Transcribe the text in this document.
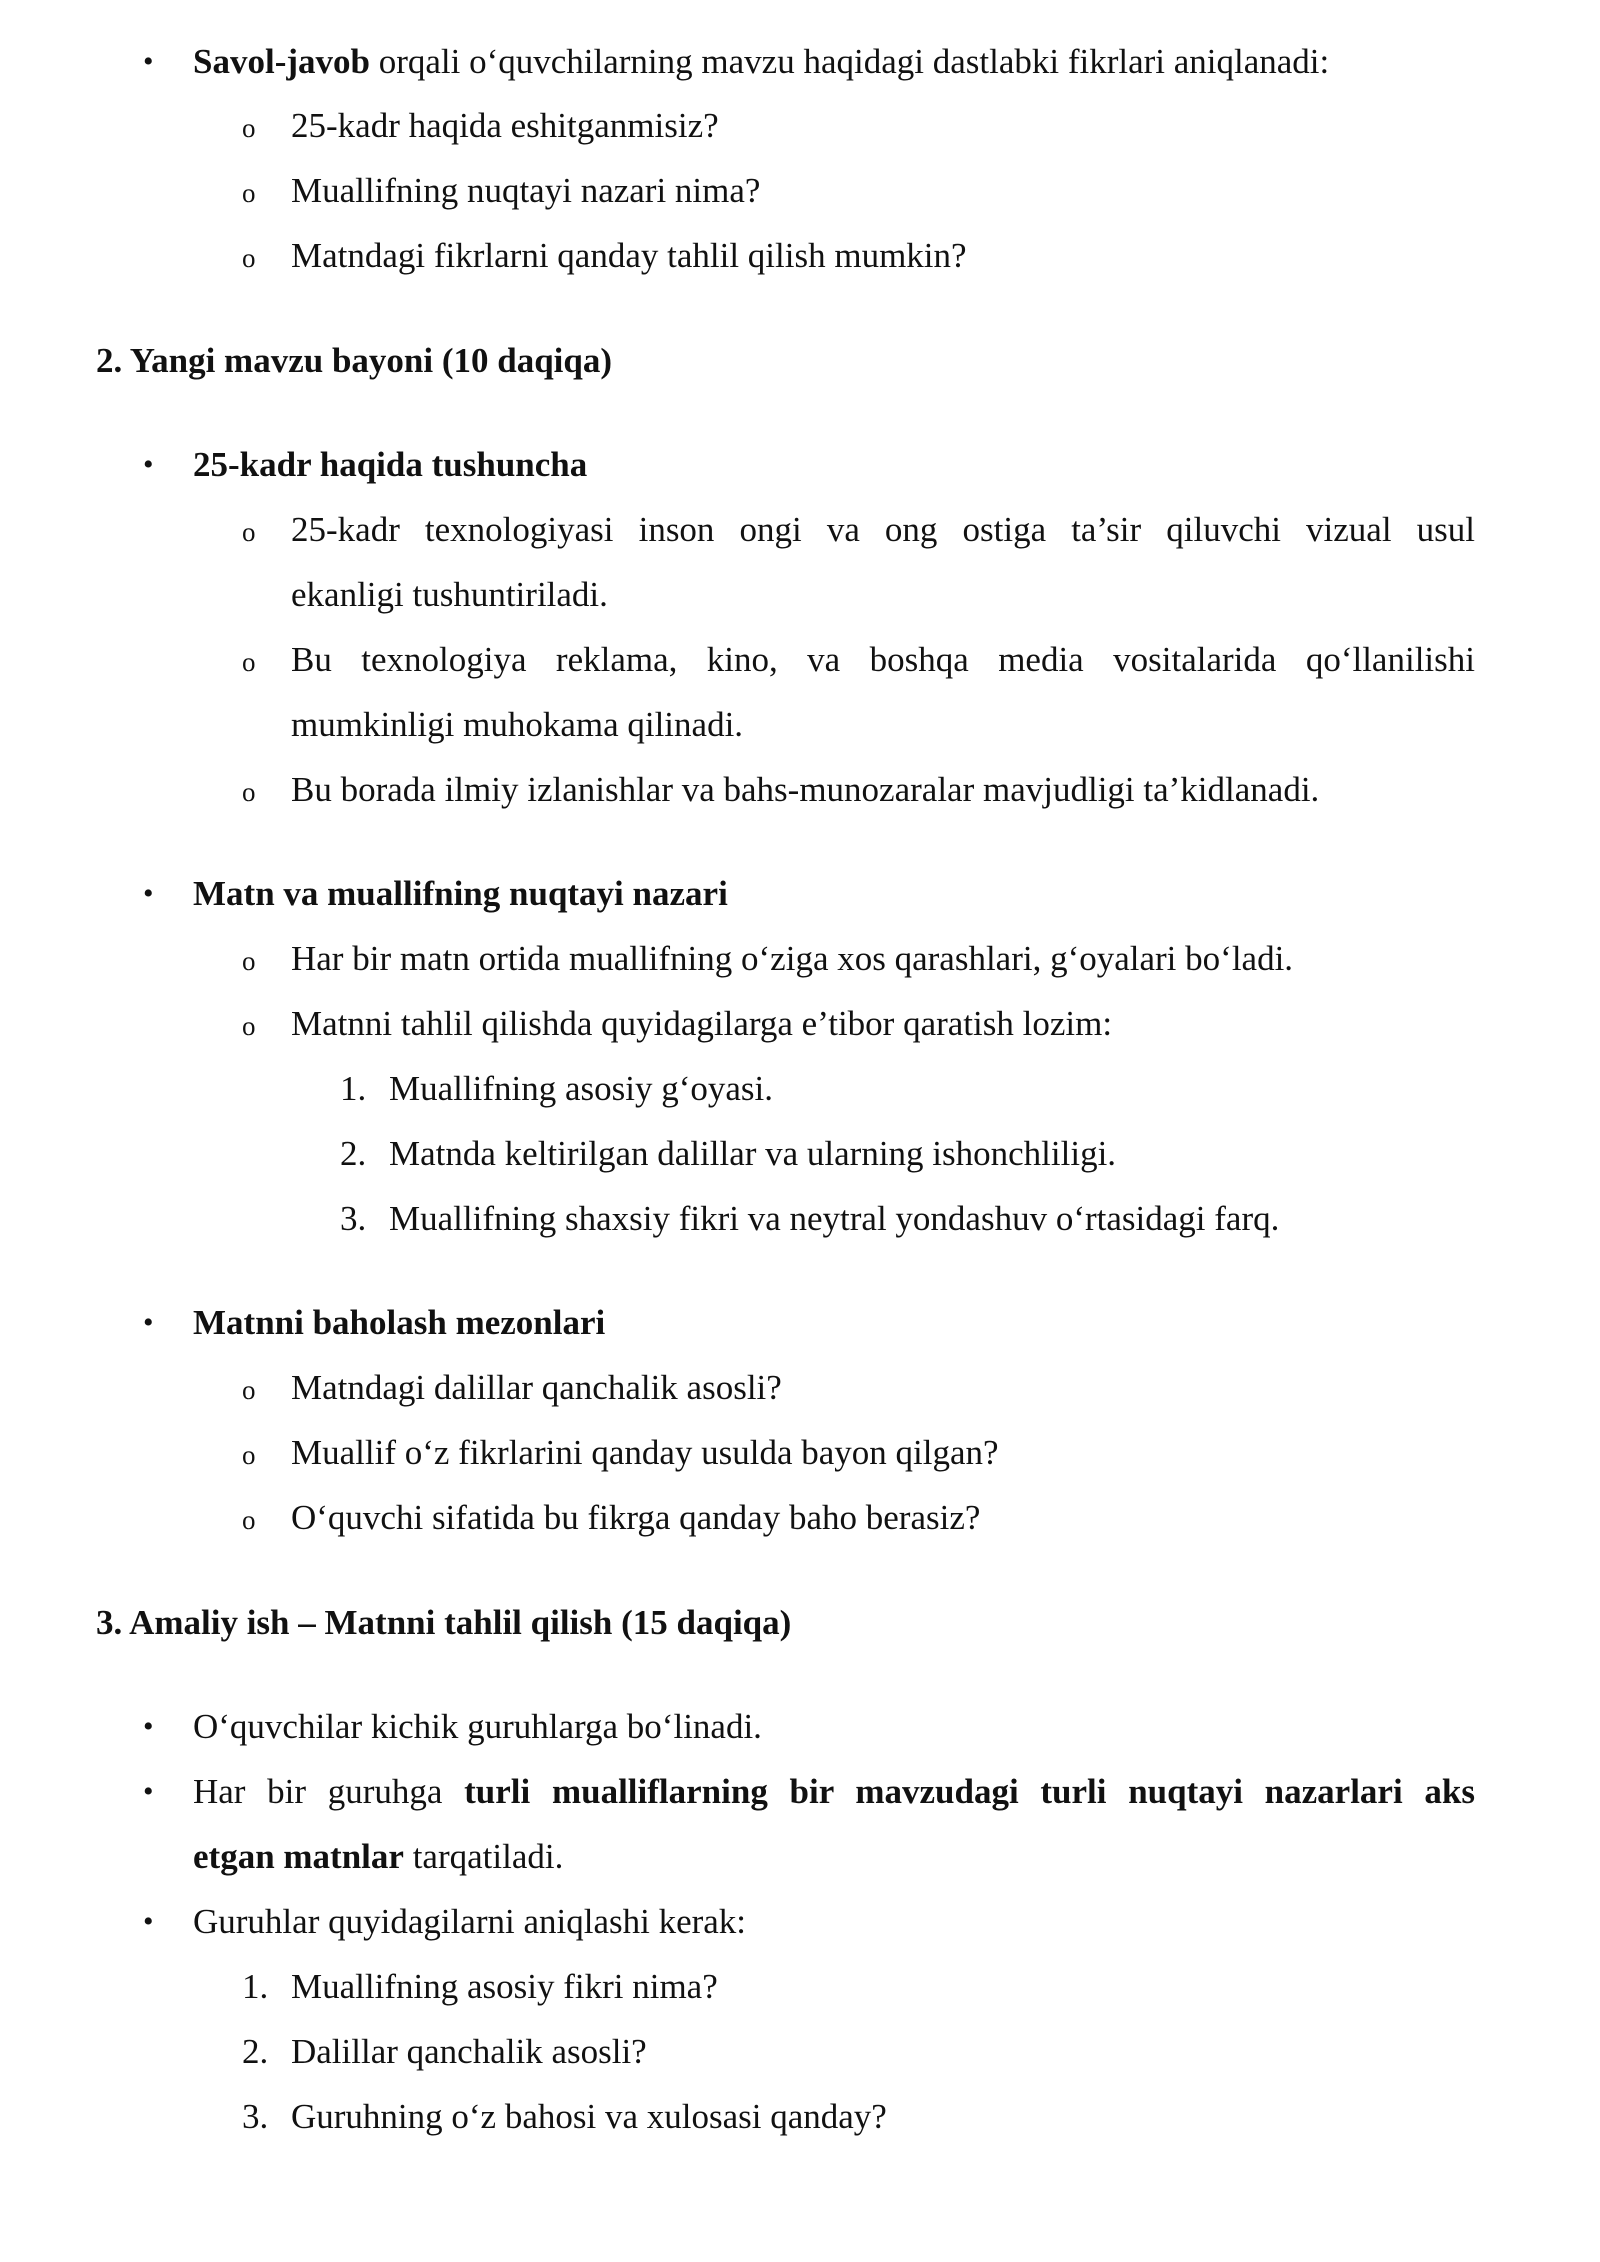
• Savol-javob orqali o‘quvchilarning mavzu haqidagi dastlabki fikrlari aniqlanadi:
o 25-kadr haqida eshitganmisiz?
o Muallifning nuqtayi nazari nima?
o Matndagi fikrlarni qanday tahlil qilish mumkin?
2. Yangi mavzu bayoni (10 daqiqa)
• 25-kadr haqida tushuncha
o 25-kadr texnologiyasi inson ongi va ong ostiga ta’sir qiluvchi vizual usul
ekanligi tushuntiriladi.
o Bu texnologiya reklama, kino, va boshqa media vositalarida qo‘llanilishi
mumkinligi muhokama qilinadi.
o Bu borada ilmiy izlanishlar va bahs-munozaralar mavjudligi ta’kidlanadi.
• Matn va muallifning nuqtayi nazari
o Har bir matn ortida muallifning o‘ziga xos qarashlari, g‘oyalari bo‘ladi.
o Matnni tahlil qilishda quyidagilarga e’tibor qaratish lozim:
1. Muallifning asosiy g‘oyasi.
2. Matnda keltirilgan dalillar va ularning ishonchliligi.
3. Muallifning shaxsiy fikri va neytral yondashuv o‘rtasidagi farq.
• Matnni baholash mezonlari
o Matndagi dalillar qanchalik asosli?
o Muallif o‘z fikrlarini qanday usulda bayon qilgan?
o O‘quvchi sifatida bu fikrga qanday baho berasiz?
3. Amaliy ish – Matnni tahlil qilish (15 daqiqa)
• O‘quvchilar kichik guruhlarga bo‘linadi.
• Har bir guruhga turli mualliflarning bir mavzudagi turli nuqtayi nazarlari aks
etgan matnlar tarqatiladi.
• Guruhlar quyidagilarni aniqlashi kerak:
1. Muallifning asosiy fikri nima?
2. Dalillar qanchalik asosli?
3. Guruhning o‘z bahosi va xulosasi qanday?
